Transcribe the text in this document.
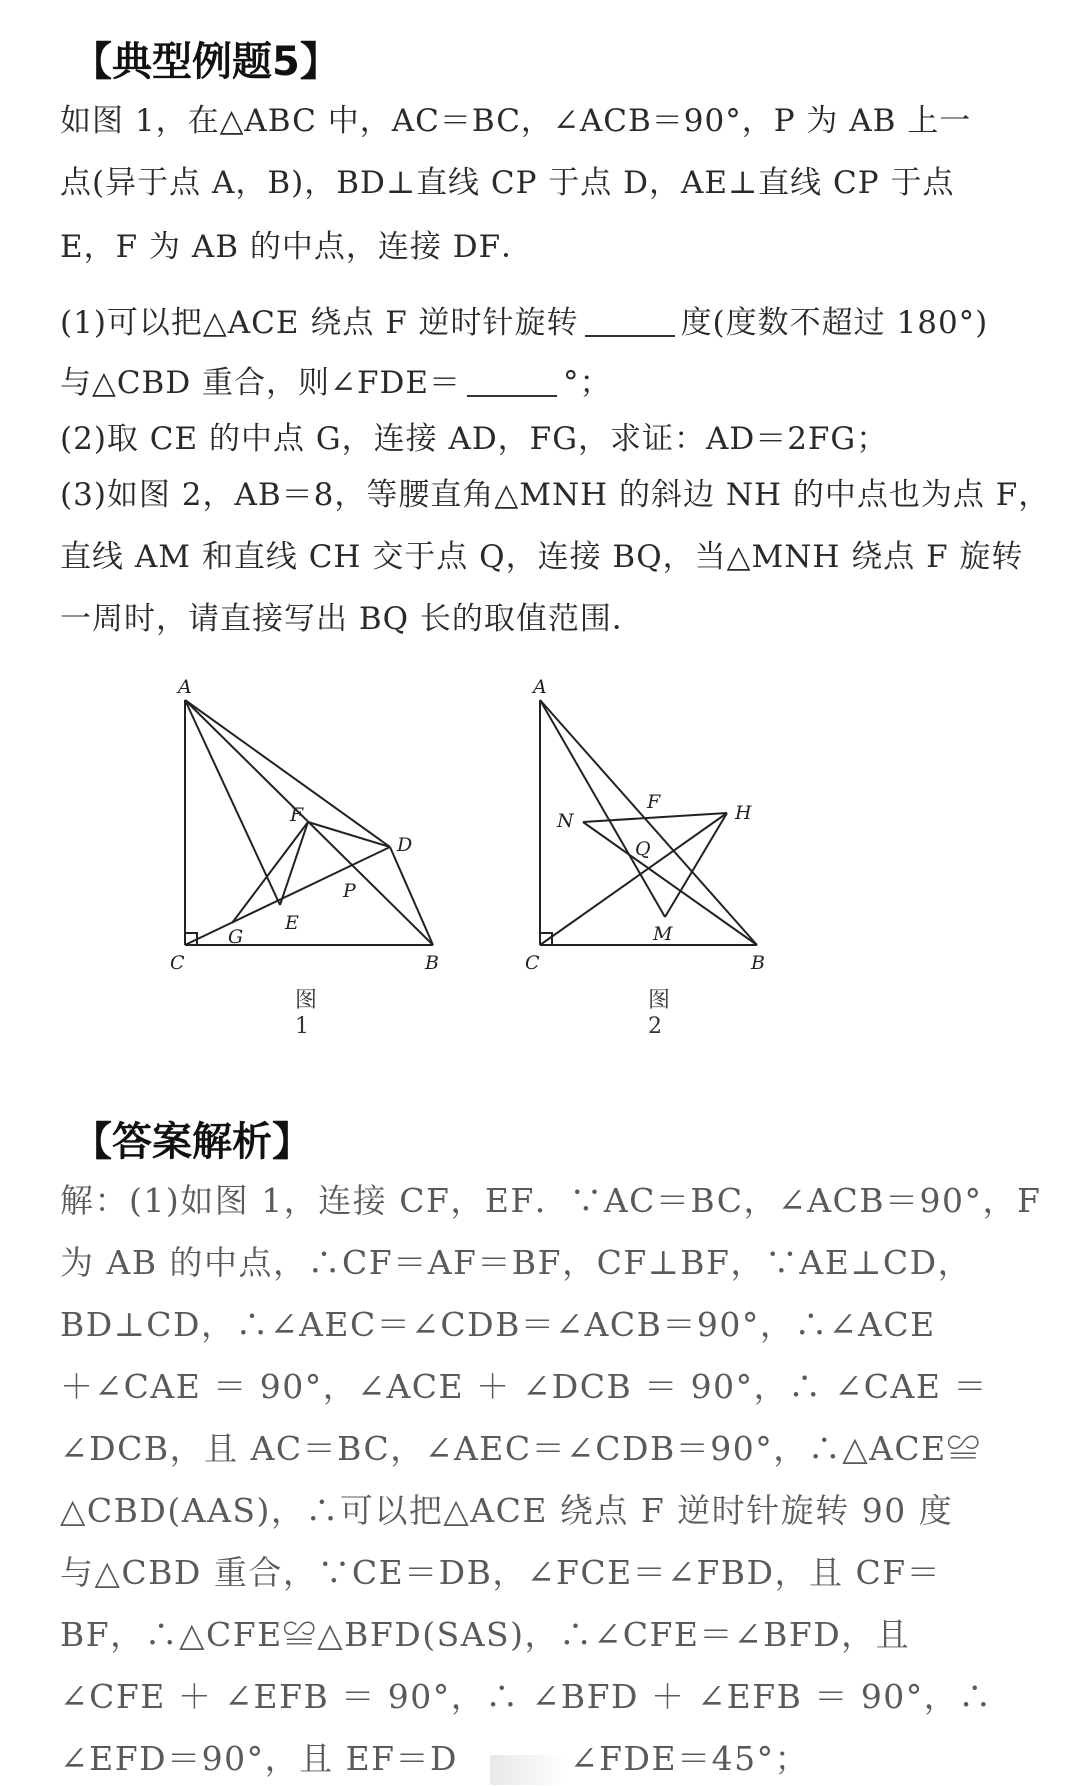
【典型例题5】
如图 1，在△ABC 中，AC＝BC，∠ACB＝90°，P 为 AB 上一
点(异于点 A，B)，BD⊥直线 CP 于点 D，AE⊥直线 CP 于点
E，F 为 AB 的中点，连接 DF．
(1)可以把△ACE 绕点 F 逆时针旋转	度(度数不超过 180°)
与△CBD 重合，则∠FDE＝	°；
(2)取 CE 的中点 G，连接 AD，FG，求证：AD＝2FG；
(3)如图 2，AB＝8，等腰直角△MNH 的斜边 NH 的中点也为点 F，
直线 AM 和直线 CH 交于点 Q，连接 BQ，当△MNH 绕点 F 旋转
一周时，请直接写出 BQ 长的取值范围．
A
C	B
D
F
E
P
G
图1
A
C	B
N
F	H
Q
M
图2
【答案解析】
解：(1)如图 1，连接 CF，EF．∵AC＝BC，∠ACB＝90°，F
为 AB 的中点，∴CF＝AF＝BF，CF⊥BF，∵AE⊥CD，
BD⊥CD，∴∠AEC＝∠CDB＝∠ACB＝90°，∴∠ACE
＋∠CAE ＝ 90°，∠ACE ＋ ∠DCB ＝ 90°，∴ ∠CAE ＝
∠DCB，且 AC＝BC，∠AEC＝∠CDB＝90°，∴△ACE≌
△CBD(AAS)，∴可以把△ACE 绕点 F 逆时针旋转 90 度
与△CBD 重合，∵CE＝DB，∠FCE＝∠FBD，且 CF＝
BF，∴△CFE≌△BFD(SAS)，∴∠CFE＝∠BFD，且
∠CFE ＋ ∠EFB ＝ 90°，∴ ∠BFD ＋ ∠EFB ＝ 90°，∴
∠EFD＝90°，且 EF＝D	∠FDE＝45°；
